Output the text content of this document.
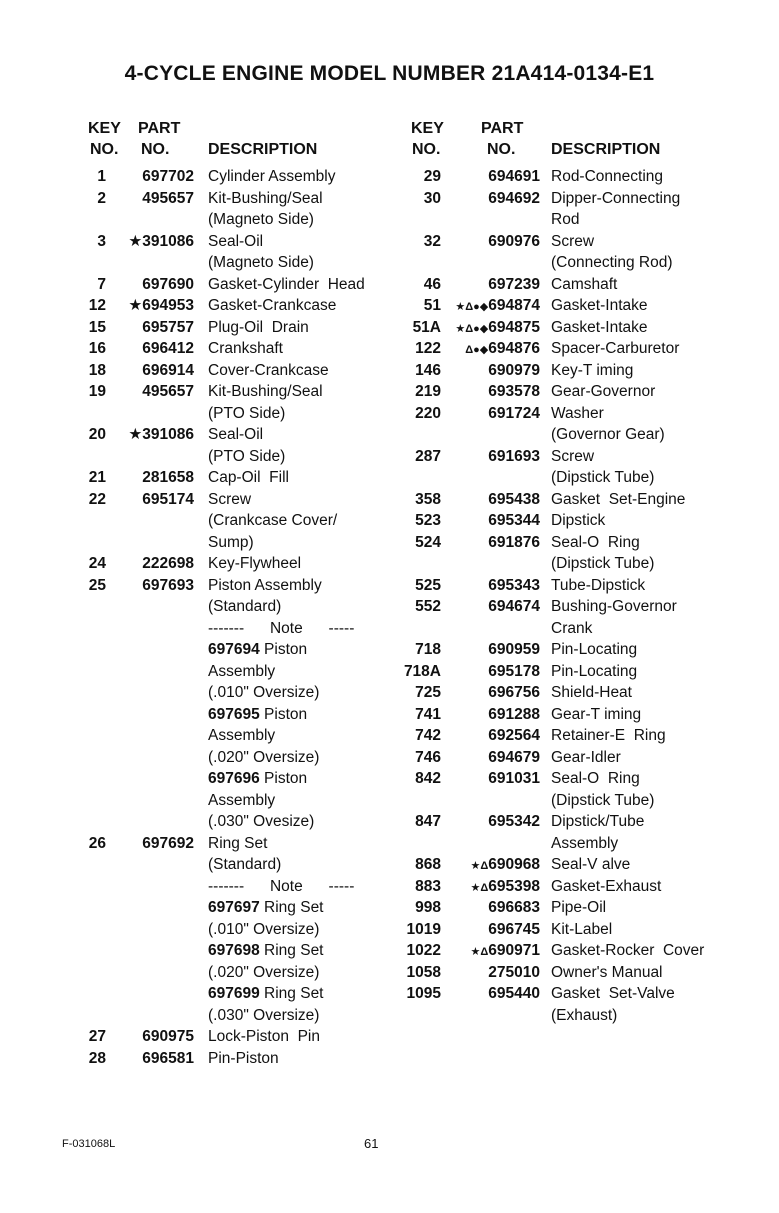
4-CYCLE ENGINE MODEL NUMBER 21A414-0134-E1
KEY
NO.
PART
NO. DESCRIPTION
KEY
NO.
PART
NO. DESCRIPTION
1	697702 Cylinder Assembly
2	495657 Kit-Bushing/Seal
(Magneto Side)
3	★391086 Seal-Oil
(Magneto Side)
7	697690 Gasket-Cylinder  Head
12	★694953 Gasket-Crankcase
15	695757 Plug-Oil  Drain
16	696412 Crankshaft
18	696914 Cover-Crankcase
19	495657 Kit-Bushing/Seal
(PTO Side)
20	★391086 Seal-Oil
(PTO Side)
21	281658 Cap-Oil  Fill
22	695174 Screw
(Crankcase Cover/
Sump)
24	222698 Key-Flywheel
25	697693 Piston Assembly
(Standard)
-------      Note      -----
697694 Piston
Assembly
(.010" Oversize)
697695 Piston
Assembly
(.020" Oversize)
697696 Piston
Assembly
(.030" Ovesize)
26	697692 Ring Set
(Standard)
-------      Note      -----
697697 Ring Set
(.010" Oversize)
697698 Ring Set
(.020" Oversize)
697699 Ring Set
(.030" Oversize)
27	690975 Lock-Piston  Pin
28	696581 Pin-Piston
29	694691 Rod-Connecting
30	694692 Dipper-Connecting
Rod
32	690976 Screw
(Connecting Rod)
46	697239 Camshaft
51	★Δ●◆694874 Gasket-Intake
51A	★Δ●◆694875 Gasket-Intake
122	Δ●◆694876 Spacer-Carburetor
146	690979 Key-T iming
219	693578 Gear-Governor
220	691724 Washer
(Governor Gear)
287	691693 Screw
(Dipstick Tube)
358	695438 Gasket  Set-Engine
523	695344 Dipstick
524	691876 Seal-O  Ring
(Dipstick Tube)
525	695343 Tube-Dipstick
552	694674 Bushing-Governor
Crank
718	690959 Pin-Locating
718A	695178 Pin-Locating
725	696756 Shield-Heat
741	691288 Gear-T iming
742	692564 Retainer-E  Ring
746	694679 Gear-Idler
842	691031 Seal-O  Ring
(Dipstick Tube)
847	695342 Dipstick/Tube
Assembly
868	★Δ690968 Seal-V alve
883	★Δ695398 Gasket-Exhaust
998	696683 Pipe-Oil
1019	696745 Kit-Label
1022	★Δ690971 Gasket-Rocker  Cover
1058	275010 Owner's Manual
1095	695440 Gasket  Set-Valve
(Exhaust)
F-031068L	61
